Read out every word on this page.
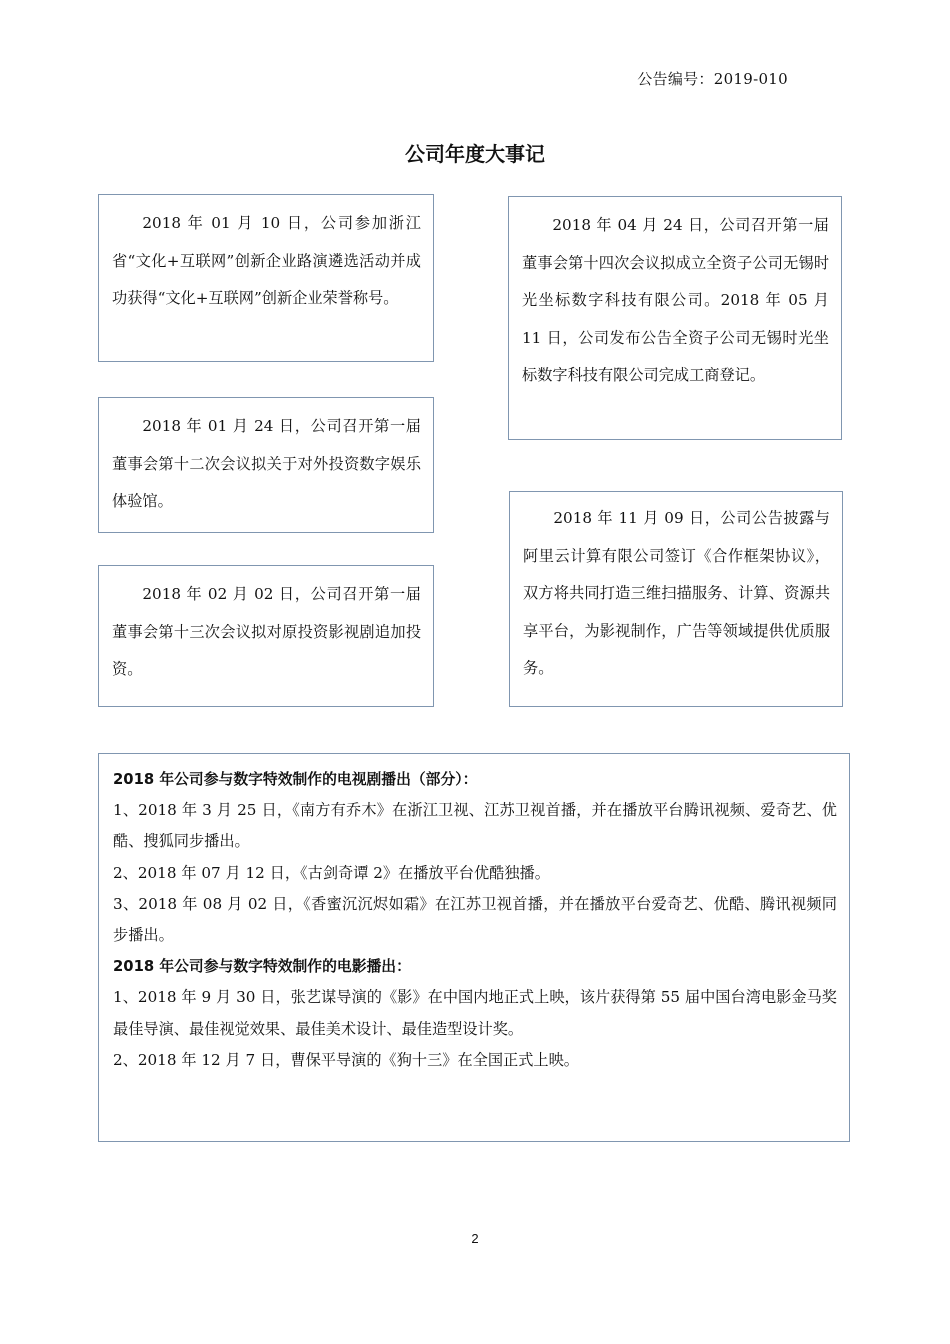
公告编号：2019-010
公司年度大事记
2018 年 01 月 10 日，公司参加浙江省“文化+互联网”创新企业路演遴选活动并成 功获得“文化+互联网”创新企业荣誉称号。
2018 年 01 月 24 日，公司召开第一届董事会第十二次会议拟关于对外投资数字娱乐体验馆。
2018 年 02 月 02 日，公司召开第一届董事会第十三次会议拟对原投资影视剧追加投资。
2018 年 04 月 24 日，公司召开第一届董事会第十四次会议拟成立全资子公司无锡时光坐标数字科技有限公司。2018 年 05 月 11 日，公司发布公告全资子公司无锡时光坐标数字科技有限公司完成工商登记。
2018 年 11 月 09 日，公司公告披露与阿里云计算有限公司签订《合作框架协议》，双方将共同打造三维扫描服务、计算、资源共享平台，为影视制作，广告等领域提供优质服务。

2018 年公司参与数字特效制作的电视剧播出（部分）：

1、2018 年 3 月 25 日，《南方有乔木》在浙江卫视、江苏卫视首播，并在播放平台腾讯视频、爱奇艺、优酷、搜狐同步播出。

2、2018 年 07 月 12 日，《古剑奇谭 2》在播放平台优酷独播。

3、2018 年 08 月 02 日，《香蜜沉沉烬如霜》在江苏卫视首播，并在播放平台爱奇艺、优酷、腾讯视频同步播出。

2018 年公司参与数字特效制作的电影播出：

1、2018 年 9 月 30 日，张艺谋导演的《影》在中国内地正式上映，该片获得第 55 届中国台湾电影金马奖最佳导演、最佳视觉效果、最佳美术设计、最佳造型设计奖。

2、2018 年 12 月 7 日，曹保平导演的《狗十三》在全国正式上映。

2
